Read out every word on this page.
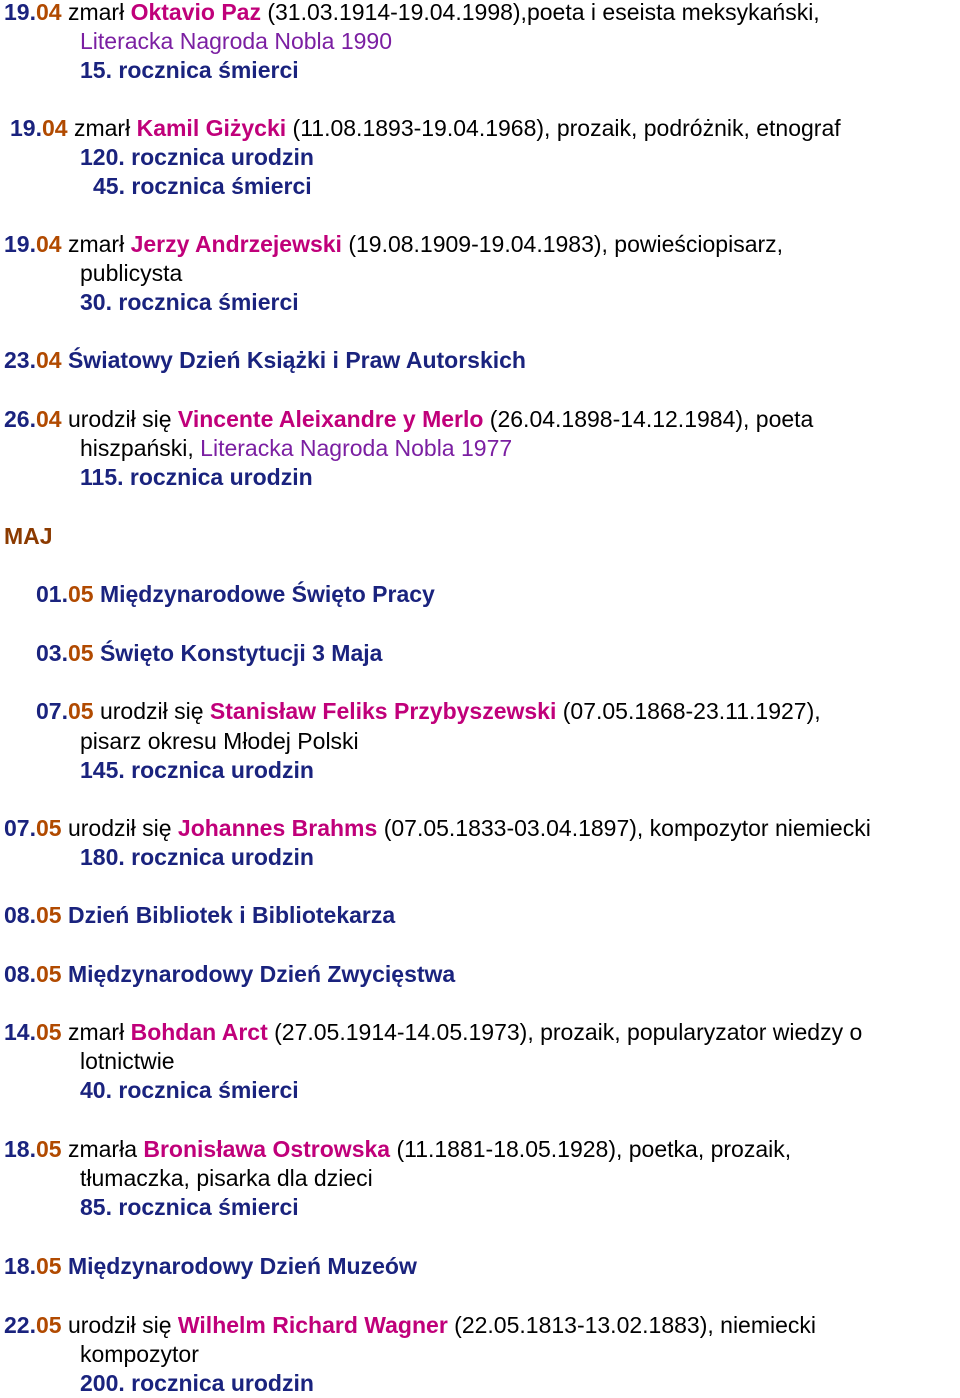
19.04 zmarł Oktavio Paz (31.03.1914-19.04.1998),poeta i eseista meksykański,
Literacka Nagroda Nobla 1990
15. rocznica śmierci
19.04 zmarł Kamil Giżycki (11.08.1893-19.04.1968), prozaik, podróżnik, etnograf
120. rocznica urodzin
45. rocznica śmierci
19.04 zmarł Jerzy Andrzejewski (19.08.1909-19.04.1983), powieściopisarz,
publicysta
30. rocznica śmierci
23.04 Światowy Dzień Książki i Praw Autorskich
26.04 urodził się Vincente Aleixandre y Merlo (26.04.1898-14.12.1984), poeta
hiszpański, Literacka Nagroda Nobla 1977
115. rocznica urodzin
MAJ
01.05 Międzynarodowe Święto Pracy
03.05 Święto Konstytucji 3 Maja
07.05 urodził się Stanisław Feliks Przybyszewski (07.05.1868-23.11.1927),
pisarz okresu Młodej Polski
145. rocznica urodzin
07.05 urodził się Johannes Brahms (07.05.1833-03.04.1897), kompozytor niemiecki
180. rocznica urodzin
08.05 Dzień Bibliotek i Bibliotekarza
08.05 Międzynarodowy Dzień Zwycięstwa
14.05 zmarł Bohdan Arct (27.05.1914-14.05.1973), prozaik, popularyzator wiedzy o
lotnictwie
40. rocznica śmierci
18.05 zmarła Bronisława Ostrowska (11.1881-18.05.1928), poetka, prozaik,
tłumaczka, pisarka dla dzieci
85. rocznica śmierci
18.05 Międzynarodowy Dzień Muzeów
22.05 urodził się Wilhelm Richard Wagner (22.05.1813-13.02.1883), niemiecki
kompozytor
200. rocznica urodzin
